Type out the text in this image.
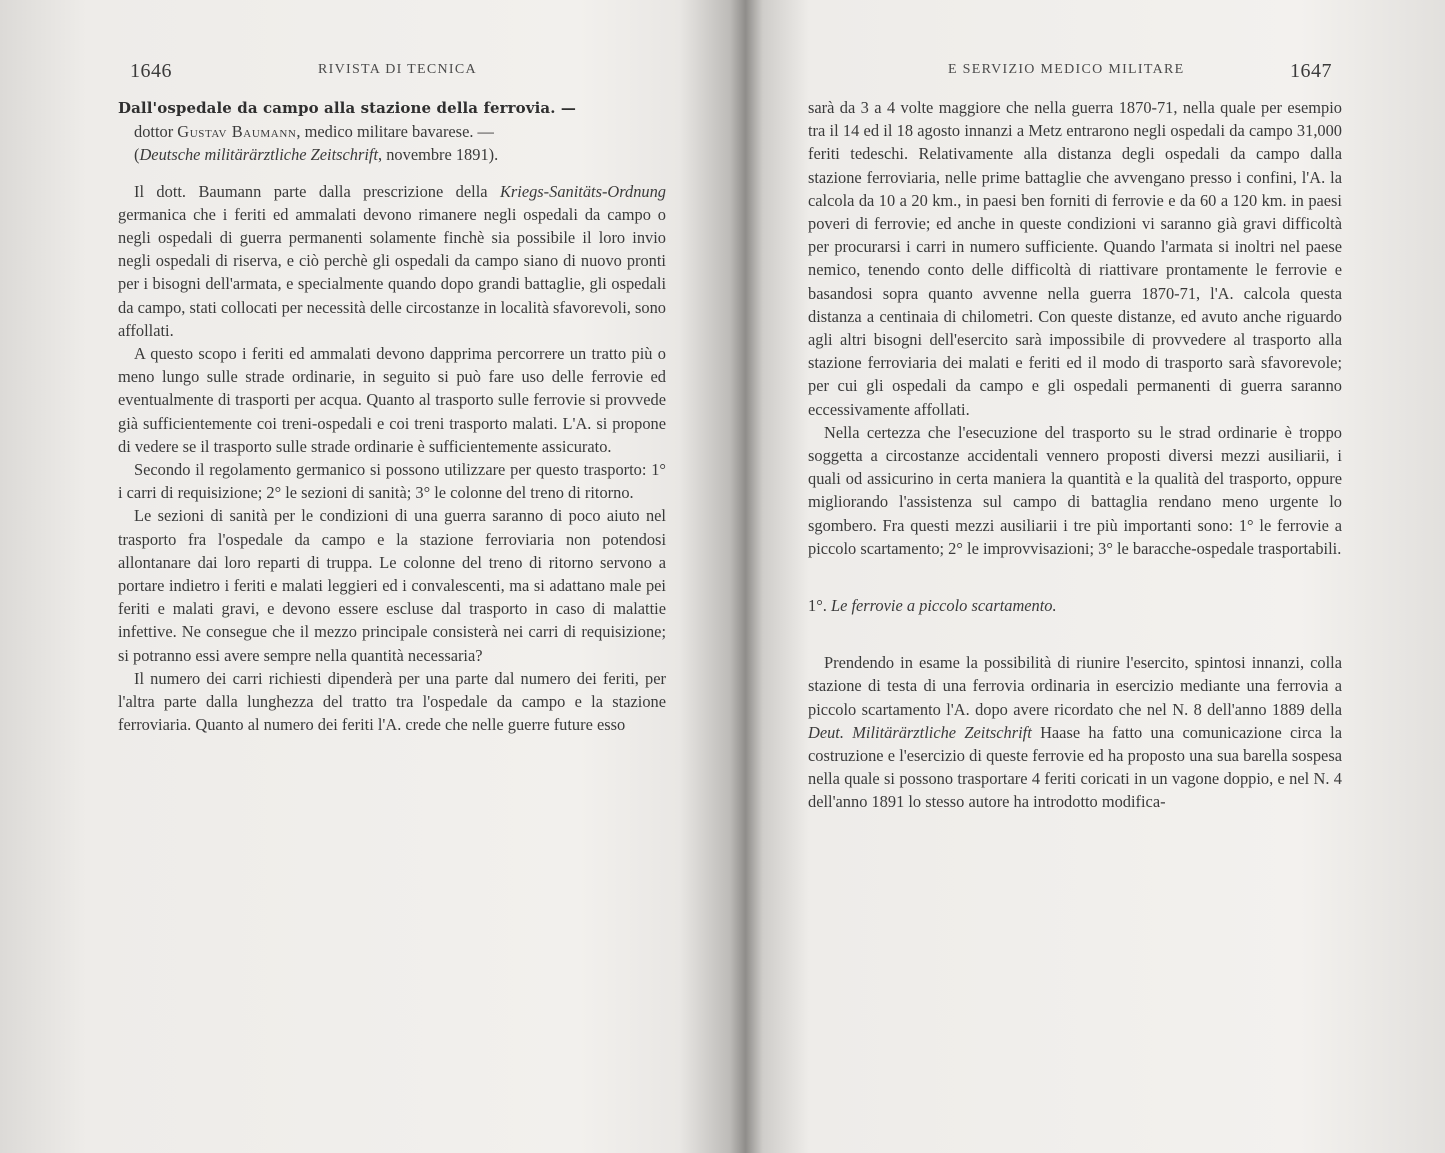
1646	RIVISTA DI TECNICA

Dall'ospedale da campo alla stazione della ferrovia. —

dottor Gustav Baumann, medico militare bavarese. —

(Deutsche militärärztliche Zeitschrift, novembre 1891).

Il dott. Baumann parte dalla prescrizione della Kriegs-Sanitäts-Ordnung germanica che i feriti ed ammalati devono rimanere negli ospedali da campo o negli ospedali di guerra permanenti solamente finchè sia possibile il loro invio negli ospedali di riserva, e ciò perchè gli ospedali da campo siano di nuovo pronti per i bisogni dell'armata, e specialmente quando dopo grandi battaglie, gli ospedali da campo, stati collocati per necessità delle circostanze in località sfavorevoli, sono affollati.

A questo scopo i feriti ed ammalati devono dapprima percorrere un tratto più o meno lungo sulle strade ordinarie, in seguito si può fare uso delle ferrovie ed eventualmente di trasporti per acqua. Quanto al trasporto sulle ferrovie si provvede già sufficientemente coi treni-ospedali e coi treni trasporto malati. L'A. si propone di vedere se il trasporto sulle strade ordinarie è sufficientemente assicurato.

Secondo il regolamento germanico si possono utilizzare per questo trasporto: 1° i carri di requisizione; 2° le sezioni di sanità; 3° le colonne del treno di ritorno.

Le sezioni di sanità per le condizioni di una guerra saranno di poco aiuto nel trasporto fra l'ospedale da campo e la stazione ferroviaria non potendosi allontanare dai loro reparti di truppa. Le colonne del treno di ritorno servono a portare indietro i feriti e malati leggieri ed i convalescenti, ma si adattano male pei feriti e malati gravi, e devono essere escluse dal trasporto in caso di malattie infettive. Ne consegue che il mezzo principale consisterà nei carri di requisizione; si potranno essi avere sempre nella quantità necessaria?

Il numero dei carri richiesti dipenderà per una parte dal numero dei feriti, per l'altra parte dalla lunghezza del tratto tra l'ospedale da campo e la stazione ferroviaria. Quanto al numero dei feriti l'A. crede che nelle guerre future esso

E SERVIZIO MEDICO MILITARE	1647

sarà da 3 a 4 volte maggiore che nella guerra 1870-71, nella quale per esempio tra il 14 ed il 18 agosto innanzi a Metz entrarono negli ospedali da campo 31,000 feriti tedeschi. Relativamente alla distanza degli ospedali da campo dalla stazione ferroviaria, nelle prime battaglie che avvengano presso i confini, l'A. la calcola da 10 a 20 km., in paesi ben forniti di ferrovie e da 60 a 120 km. in paesi poveri di ferrovie; ed anche in queste condizioni vi saranno già gravi difficoltà per procurarsi i carri in numero sufficiente. Quando l'armata si inoltri nel paese nemico, tenendo conto delle difficoltà di riattivare prontamente le ferrovie e basandosi sopra quanto avvenne nella guerra 1870-71, l'A. calcola questa distanza a centinaia di chilometri. Con queste distanze, ed avuto anche riguardo agli altri bisogni dell'esercito sarà impossibile di provvedere al trasporto alla stazione ferroviaria dei malati e feriti ed il modo di trasporto sarà sfavorevole; per cui gli ospedali da campo e gli ospedali permanenti di guerra saranno eccessivamente affollati.

Nella certezza che l'esecuzione del trasporto su le strad ordinarie è troppo soggetta a circostanze accidentali vennero proposti diversi mezzi ausiliarii, i quali od assicurino in certa maniera la quantità e la qualità del trasporto, oppure migliorando l'assistenza sul campo di battaglia rendano meno urgente lo sgombero. Fra questi mezzi ausiliarii i tre più importanti sono: 1° le ferrovie a piccolo scartamento; 2° le improvvisazioni; 3° le baracche-ospedale trasportabili.

1°. Le ferrovie a piccolo scartamento.

Prendendo in esame la possibilità di riunire l'esercito, spintosi innanzi, colla stazione di testa di una ferrovia ordinaria in esercizio mediante una ferrovia a piccolo scartamento l'A. dopo avere ricordato che nel N. 8 dell'anno 1889 della Deut. Militärärztliche Zeitschrift Haase ha fatto una comunicazione circa la costruzione e l'esercizio di queste ferrovie ed ha proposto una sua barella sospesa nella quale si possono trasportare 4 feriti coricati in un vagone doppio, e nel N. 4 dell'anno 1891 lo stesso autore ha introdotto modifica-
